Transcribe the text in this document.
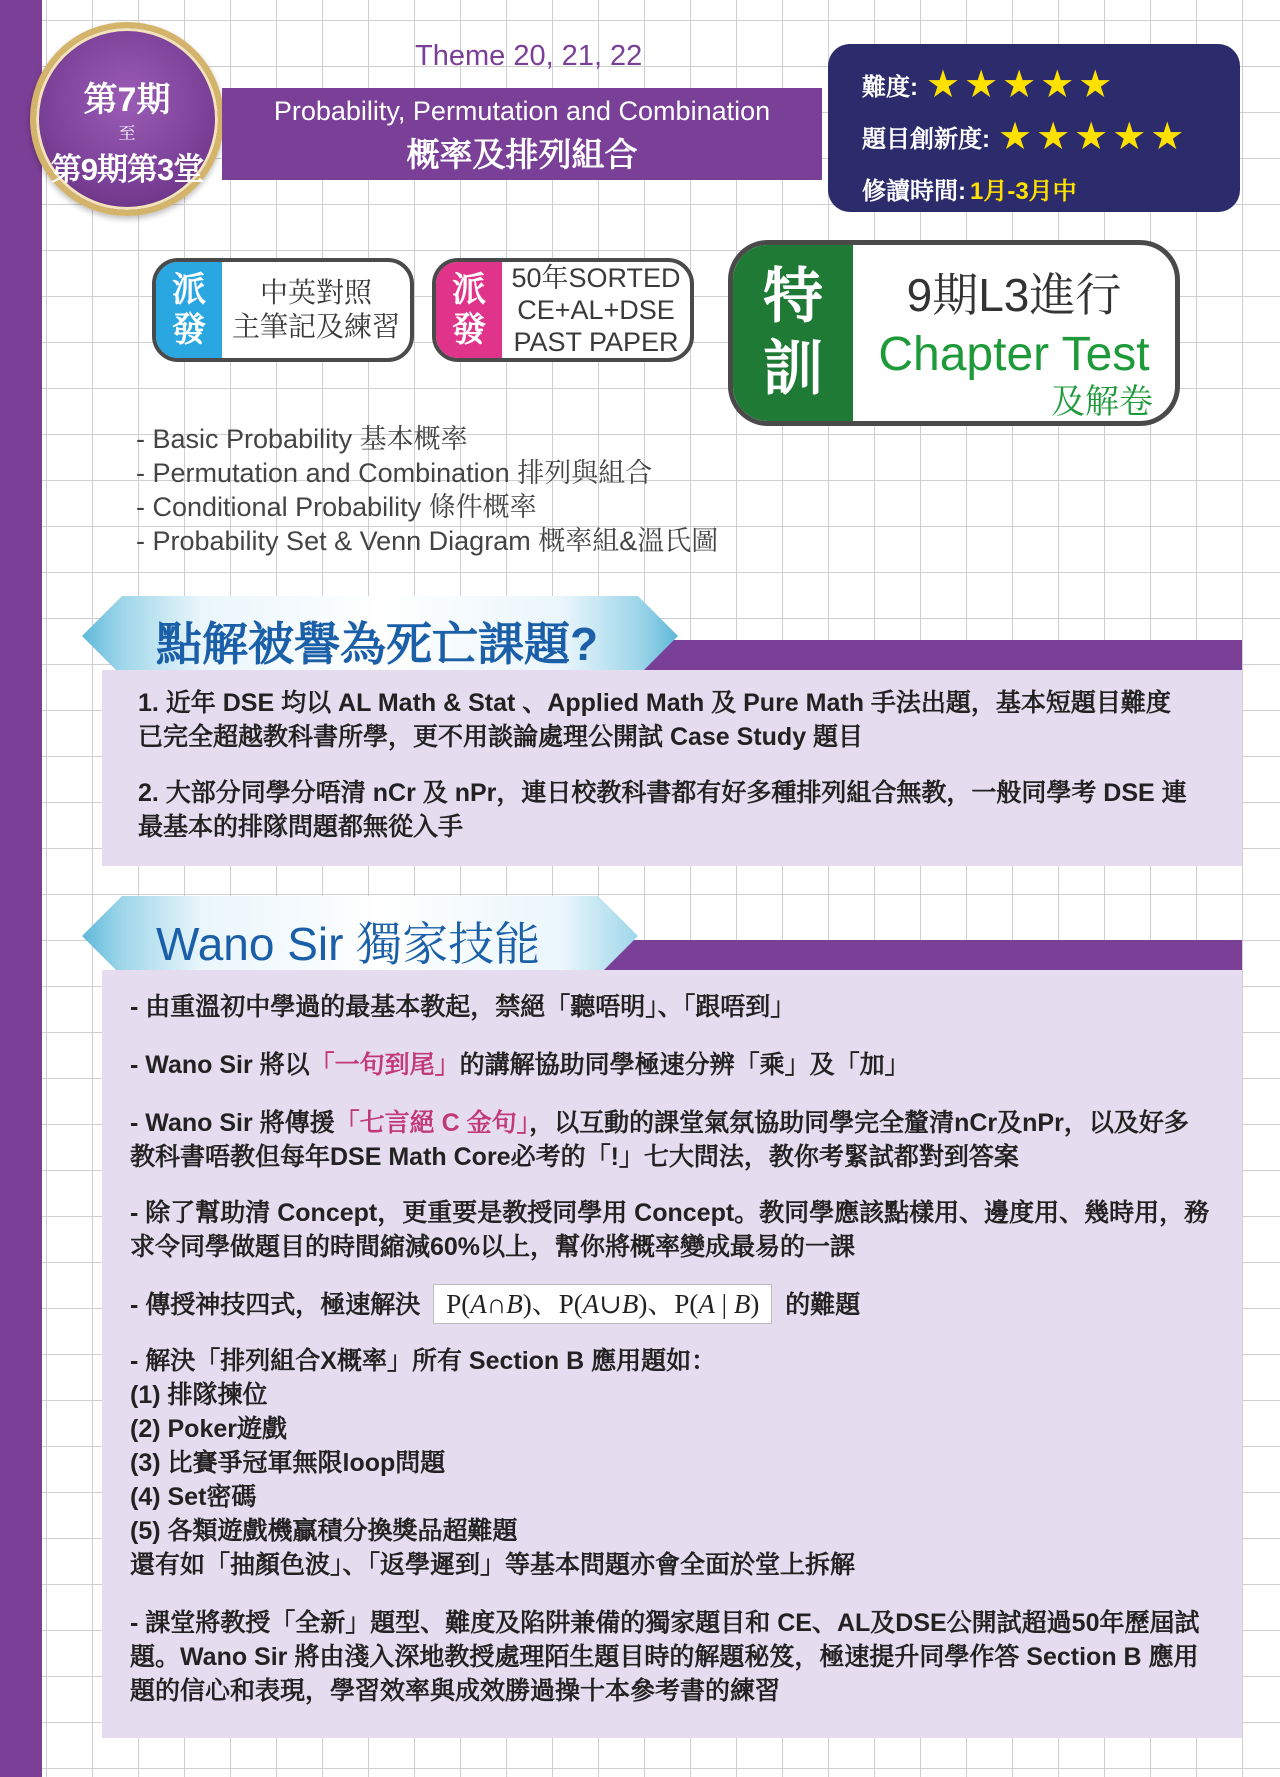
第7期
至
第9期第3堂
Theme 20, 21, 22
Probability, Permutation and Combination
概率及排列組合
難度: ★★★★★
題目創新度: ★★★★★
修讀時間: 1月-3月中
派
發
中英對照
主筆記及練習
派
發
50年SORTED
CE+AL+DSE
PAST PAPER
特
訓
9期L3進行
Chapter Test
及解卷
- Basic Probability 基本概率
- Permutation and Combination 排列與組合
- Conditional Probability 條件概率
- Probability Set & Venn Diagram 概率組&溫氏圖
點解被譽為死亡課題?
1. 近年 DSE 均以 AL Math & Stat 、Applied Math 及 Pure Math 手法出題，基本短題目難度已完全超越教科書所學，更不用談論處理公開試 Case Study 題目
2. 大部分同學分唔清 nCr 及 nPr，連日校教科書都有好多種排列組合無教，一般同學考 DSE 連最基本的排隊問題都無從入手
Wano Sir 獨家技能
- 由重溫初中學過的最基本教起，禁絕「聽唔明」、「跟唔到」
- Wano Sir 將以「一句到尾」的講解協助同學極速分辨「乘」及「加」
- Wano Sir 將傳援「七言絕 C 金句」，以互動的課堂氣氛協助同學完全釐清nCr及nPr，以及好多教科書唔教但每年DSE Math Core必考的「!」七大問法，教你考緊試都對到答案
- 除了幫助清 Concept，更重要是教授同學用 Concept。教同學應該點樣用、邊度用、幾時用，務求令同學做題目的時間縮減60%以上，幫你將概率變成最易的一課
- 傳授神技四式，極速解決 P(A∩B)、P(A∪B)、P(A | B) 的難題
- 解決「排列組合X概率」所有 Section B 應用題如：
(1) 排隊揀位
(2) Poker遊戲
(3) 比賽爭冠軍無限loop問題
(4) Set密碼
(5) 各類遊戲機贏積分換獎品超難題
還有如「抽顏色波」、「返學遲到」等基本問題亦會全面於堂上拆解
- 課堂將教授「全新」題型、難度及陷阱兼備的獨家題目和 CE、AL及DSE公開試超過50年歷屆試題。Wano Sir 將由淺入深地教授處理陌生題目時的解題秘笈，極速提升同學作答 Section B 應用題的信心和表現，學習效率與成效勝過操十本參考書的練習
